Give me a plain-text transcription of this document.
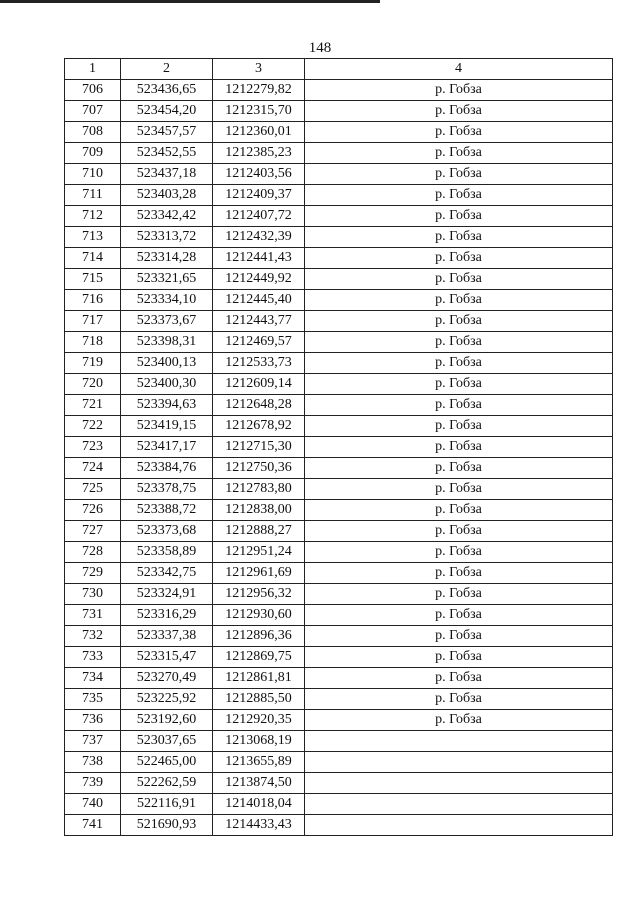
148
1	2	3	4
706	523436,65	1212279,82	р. Гобза
707	523454,20	1212315,70	р. Гобза
708	523457,57	1212360,01	р. Гобза
709	523452,55	1212385,23	р. Гобза
710	523437,18	1212403,56	р. Гобза
711	523403,28	1212409,37	р. Гобза
712	523342,42	1212407,72	р. Гобза
713	523313,72	1212432,39	р. Гобза
714	523314,28	1212441,43	р. Гобза
715	523321,65	1212449,92	р. Гобза
716	523334,10	1212445,40	р. Гобза
717	523373,67	1212443,77	р. Гобза
718	523398,31	1212469,57	р. Гобза
719	523400,13	1212533,73	р. Гобза
720	523400,30	1212609,14	р. Гобза
721	523394,63	1212648,28	р. Гобза
722	523419,15	1212678,92	р. Гобза
723	523417,17	1212715,30	р. Гобза
724	523384,76	1212750,36	р. Гобза
725	523378,75	1212783,80	р. Гобза
726	523388,72	1212838,00	р. Гобза
727	523373,68	1212888,27	р. Гобза
728	523358,89	1212951,24	р. Гобза
729	523342,75	1212961,69	р. Гобза
730	523324,91	1212956,32	р. Гобза
731	523316,29	1212930,60	р. Гобза
732	523337,38	1212896,36	р. Гобза
733	523315,47	1212869,75	р. Гобза
734	523270,49	1212861,81	р. Гобза
735	523225,92	1212885,50	р. Гобза
736	523192,60	1212920,35	р. Гобза
737	523037,65	1213068,19	
738	522465,00	1213655,89	
739	522262,59	1213874,50	
740	522116,91	1214018,04	
741	521690,93	1214433,43	
